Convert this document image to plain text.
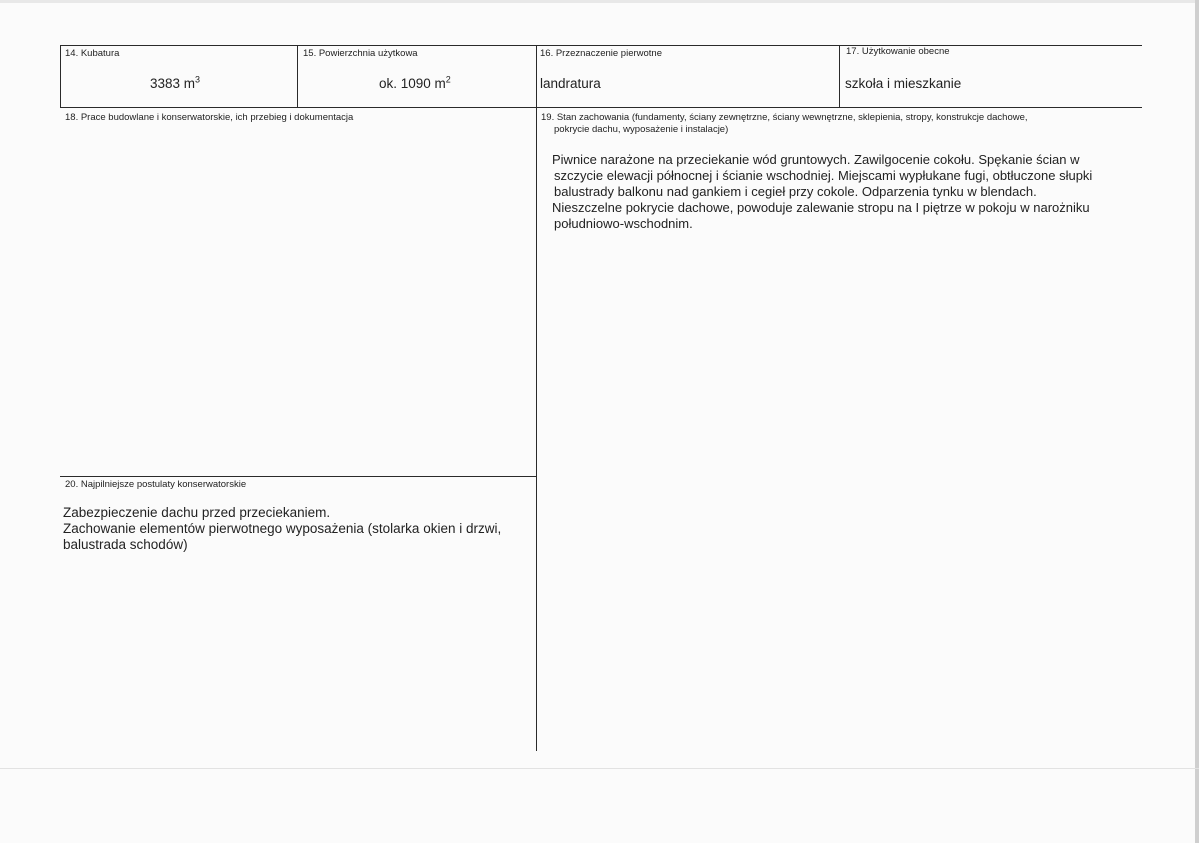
14. Kubatura
3383 $m^3$
15. Powierzchnia użytkowa
ok. 1090 $m^2$
16. Przeznaczenie pierwotne
landratura
17. Użytkowanie obecne
szkoła i mieszkanie
18. Prace budowlane i konserwatorskie, ich przebieg i dokumentacja	19. Stan zachowania (fundamenty, ściany zewnętrzne, ściany wewnętrzne, sklepienia, stropy, konstrukcje dachowe,
pokrycie dachu, wyposażenie i instalacje)
Piwnice narażone na przeciekanie wód gruntowych. Zawilgocenie cokołu. Spękanie ścian w
szczycie elewacji północnej i ścianie wschodniej. Miejscami wypłukane fugi, obtłuczone słupki
balustrady balkonu nad gankiem i cegieł przy cokole. Odparzenia tynku w blendach.
Nieszczelne pokrycie dachowe, powoduje zalewanie stropu na I piętrze w pokoju w narożniku
południowo-wschodnim.
20. Najpilniejsze postulaty konserwatorskie
Zabezpieczenie dachu przed przeciekaniem.
Zachowanie elementów pierwotnego wyposażenia (stolarka okien i drzwi,
balustrada schodów)
